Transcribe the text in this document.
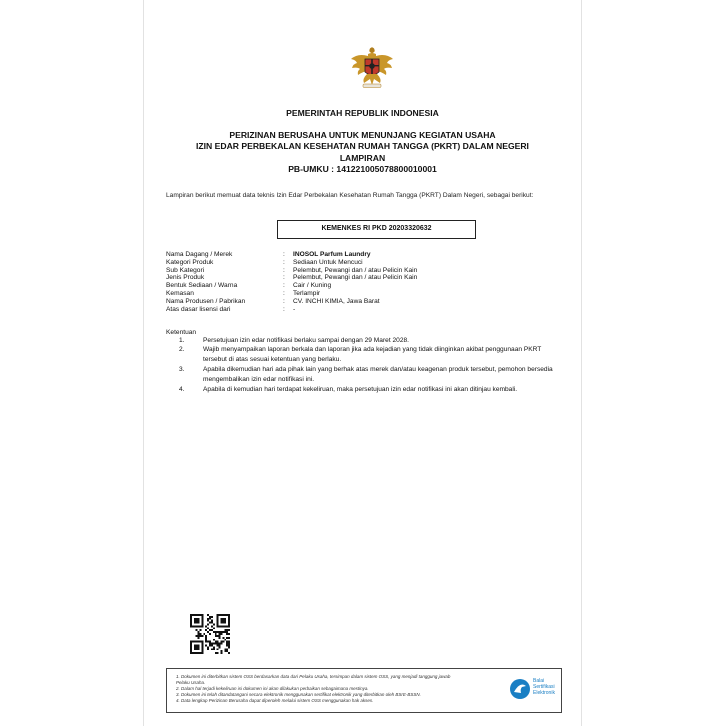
PEMERINTAH REPUBLIK INDONESIA
PERIZINAN BERUSAHA UNTUK MENUNJANG KEGIATAN USAHA
IZIN EDAR PERBEKALAN KESEHATAN RUMAH TANGGA (PKRT) DALAM NEGERI
LAMPIRAN
PB-UMKU : 141221005078800010001
Lampiran berikut memuat data teknis Izin Edar Perbekalan Kesehatan Rumah Tangga (PKRT) Dalam Negeri, sebagai berikut:
KEMENKES RI PKD 20203320632
Nama Dagang / Merek	: INOSOL Parfum Laundry
Kategori Produk	: Sediaan Untuk Mencuci
Sub Kategori	: Pelembut, Pewangi dan / atau Pelicin Kain
Jenis Produk	: Pelembut, Pewangi dan / atau Pelicin Kain
Bentuk Sediaan / Warna	: Cair / Kuning
Kemasan	: Terlampir
Nama Produsen / Pabrikan	: CV. INCHI KIMIA, Jawa Barat
Atas dasar lisensi dari	: -
Ketentuan
1.	Persetujuan izin edar notifikasi berlaku sampai dengan 29 Maret 2028.
2.	Wajib menyampaikan laporan berkala dan laporan jika ada kejadian yang tidak diinginkan akibat penggunaan PKRT tersebut di atas sesuai ketentuan yang berlaku.
3.	Apabila dikemudian hari ada pihak lain yang berhak atas merek dan/atau keagenan produk tersebut, pemohon bersedia mengembalikan izin edar notifikasi ini.
4.	Apabila di kemudian hari terdapat kekeliruan, maka persetujuan izin edar notifikasi ini akan ditinjau kembali.
1. Dokumen ini diterbitkan sistem OSS berdasarkan data dari Pelaku Usaha, tersimpan dalam sistem OSS, yang menjadi tanggung jawab
Pelaku Usaha.
2. Dalam hal terjadi kekeliruan isi dokumen ini akan dilakukan perbaikan sebagaimana mestinya.
3. Dokumen ini telah ditandatangani secara elektronik menggunakan sertifikat elektronik yang diterbitkan oleh BSrE-BSSN.
4. Data lengkap Perizinan Berusaha dapat diperoleh melalui sistem OSS menggunakan hak akses.
Balai
Sertifikasi
Elektronik
